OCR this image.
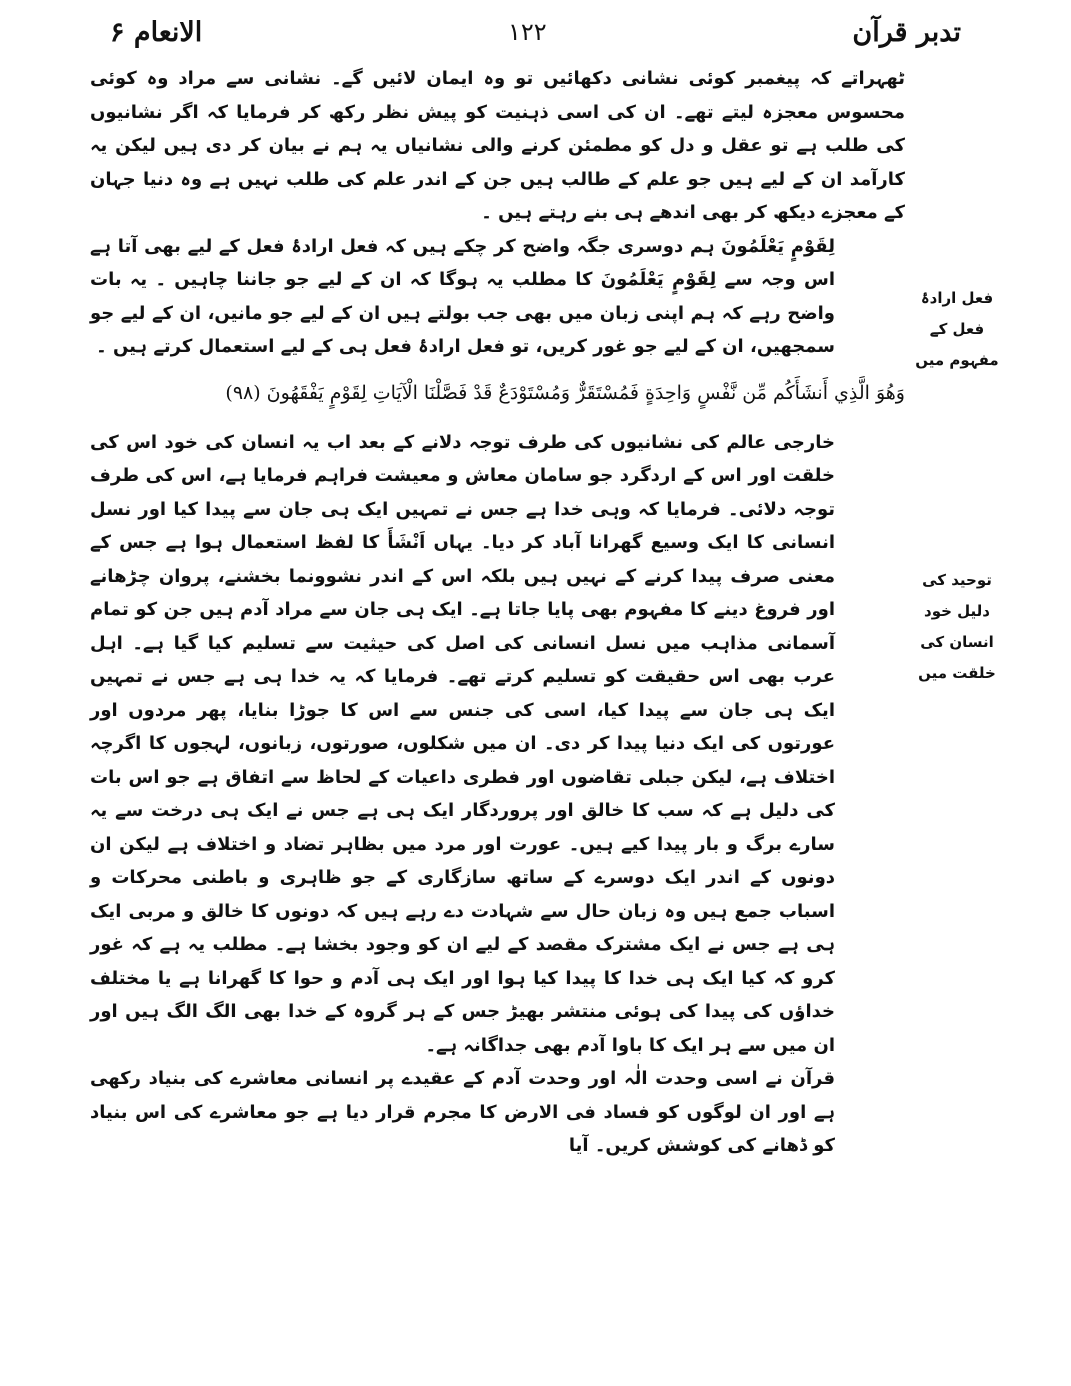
تدبر قرآن
۱۲۲
الانعام ۶
فعل ارادۂ فعل کے مفہوم میں
توحید کی دلیل خود انسان کی خلقت میں

ٹھہراتے کہ پیغمبر کوئی نشانی دکھائیں تو وہ ایمان لائیں گے۔ نشانی سے مراد وہ کوئی محسوس معجزہ لیتے تھے۔ ان کی اسی ذہنیت کو پیش نظر رکھ کر فرمایا کہ اگر نشانیوں کی طلب ہے تو عقل و دل کو مطمئن کرنے والی نشانیاں یہ ہم نے بیان کر دی ہیں لیکن یہ کارآمد ان کے لیے ہیں جو علم کے طالب ہیں جن کے اندر علم کی طلب نہیں ہے وہ دنیا جہان کے معجزے دیکھ کر بھی اندھے ہی بنے رہتے ہیں ۔

لِقَوْمٍ يَعْلَمُونَ ہم دوسری جگہ واضح کر چکے ہیں کہ فعل ارادۂ فعل کے لیے بھی آتا ہے اس وجہ سے لِقَوْمٍ يَعْلَمُونَ کا مطلب یہ ہوگا کہ ان کے لیے جو جاننا چاہیں ۔ یہ بات واضح رہے کہ ہم اپنی زبان میں بھی جب بولتے ہیں ان کے لیے جو مانیں، ان کے لیے جو سمجھیں، ان کے لیے جو غور کریں، تو فعل ارادۂ فعل ہی کے لیے استعمال کرتے ہیں ۔

وَهُوَ الَّذِي أَنشَأَكُم مِّن نَّفْسٍ وَاحِدَةٍ فَمُسْتَقَرٌّ وَمُسْتَوْدَعٌ قَدْ فَصَّلْنَا الْآيَاتِ لِقَوْمٍ يَفْقَهُونَ (۹۸)

خارجی عالم کی نشانیوں کی طرف توجہ دلانے کے بعد اب یہ انسان کی خود اس کی خلقت اور اس کے اردگرد جو سامان معاش و معیشت فراہم فرمایا ہے، اس کی طرف توجہ دلائی۔ فرمایا کہ وہی خدا ہے جس نے تمہیں ایک ہی جان سے پیدا کیا اور نسل انسانی کا ایک وسیع گھرانا آباد کر دیا۔ یہاں اَنْشَأَ کا لفظ استعمال ہوا ہے جس کے معنی صرف پیدا کرنے کے نہیں ہیں بلکہ اس کے اندر نشوونما بخشنے، پروان چڑھانے اور فروغ دینے کا مفہوم بھی پایا جاتا ہے۔ ایک ہی جان سے مراد آدم ہیں جن کو تمام آسمانی مذاہب میں نسل انسانی کی اصل کی حیثیت سے تسلیم کیا گیا ہے۔ اہل عرب بھی اس حقیقت کو تسلیم کرتے تھے۔ فرمایا کہ یہ خدا ہی ہے جس نے تمہیں ایک ہی جان سے پیدا کیا، اسی کی جنس سے اس کا جوڑا بنایا، پھر مردوں اور عورتوں کی ایک دنیا پیدا کر دی۔ ان میں شکلوں، صورتوں، زبانوں، لہجوں کا اگرچہ اختلاف ہے، لیکن جبلی تقاضوں اور فطری داعیات کے لحاظ سے اتفاق ہے جو اس بات کی دلیل ہے کہ سب کا خالق اور پروردگار ایک ہی ہے جس نے ایک ہی درخت سے یہ سارے برگ و بار پیدا کیے ہیں۔ عورت اور مرد میں بظاہر تضاد و اختلاف ہے لیکن ان دونوں کے اندر ایک دوسرے کے ساتھ سازگاری کے جو ظاہری و باطنی محرکات و اسباب جمع ہیں وہ زبان حال سے شہادت دے رہے ہیں کہ دونوں کا خالق و مربی ایک ہی ہے جس نے ایک مشترک مقصد کے لیے ان کو وجود بخشا ہے۔ مطلب یہ ہے کہ غور کرو کہ کیا ایک ہی خدا کا پیدا کیا ہوا اور ایک ہی آدم و حوا کا گھرانا ہے یا مختلف خداؤں کی پیدا کی ہوئی منتشر بھیڑ جس کے ہر گروہ کے خدا بھی الگ الگ ہیں اور ان میں سے ہر ایک کا باوا آدم بھی جداگانہ ہے۔

قرآن نے اسی وحدت الٰہ اور وحدت آدم کے عقیدے پر انسانی معاشرے کی بنیاد رکھی ہے اور ان لوگوں کو فساد فی الارض کا مجرم قرار دیا ہے جو معاشرے کی اس بنیاد کو ڈھانے کی کوشش کریں۔ آیا
